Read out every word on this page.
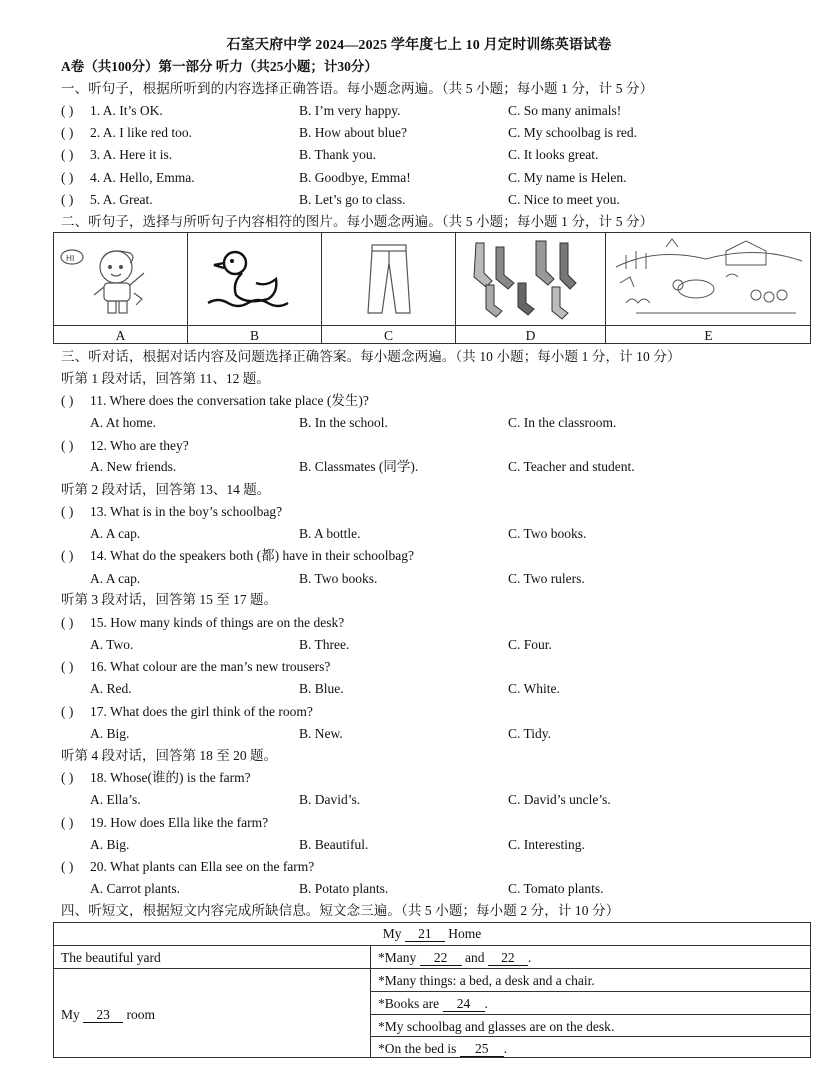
石室天府中学 2024—2025 学年度七上 10 月定时训练英语试卷
A卷（共100分）第一部分 听力（共25小题；计30分）
一、听句子，根据所听到的内容选择正确答语。每小题念两遍。（共 5 小题；每小题 1 分，计 5 分）
( ) 1. A. It’s OK.	B. I’m very happy.	C. So many animals!
( ) 2. A. I like red too.	B. How about blue?	C. My schoolbag is red.
( ) 3. A. Here it is.	B. Thank you.	C. It looks great.
( ) 4. A. Hello, Emma.	B. Goodbye, Emma!	C. My name is Helen.
( ) 5. A. Great.	B. Let’s go to class.	C. Nice to meet you.
二、听句子，选择与所听句子内容相符的图片。每小题念两遍。（共 5 小题；每小题 1 分，计 5 分）
HI
A	B	C	D	E
三、听对话，根据对话内容及问题选择正确答案。每小题念两遍。（共 10 小题；每小题 1 分，计 10 分）
听第 1 段对话，回答第 11、12 题。
( ) 11. Where does the conversation take place (发生)?
A. At home.	B. In the school.	C. In the classroom.
( ) 12. Who are they?
A. New friends.	B. Classmates (同学).	C. Teacher and student.
听第 2 段对话，回答第 13、14 题。
( ) 13. What is in the boy’s schoolbag?
A. A cap.	B. A bottle.	C. Two books.
( ) 14. What do the speakers both (都) have in their schoolbag?
A. A cap.	B. Two books.	C. Two rulers.
听第 3 段对话，回答第 15 至 17 题。
( ) 15. How many kinds of things are on the desk?
A. Two.	B. Three.	C. Four.
( ) 16. What colour are the man’s new trousers?
A. Red.	B. Blue.	C. White.
( ) 17. What does the girl think of the room?
A. Big.	B. New.	C. Tidy.
听第 4 段对话，回答第 18 至 20 题。
( ) 18. Whose(谁的) is the farm?
A. Ella’s.	B. David’s.	C. David’s uncle’s.
( ) 19. How does Ella like the farm?
A. Big.	B. Beautiful.	C. Interesting.
( ) 20. What plants can Ella see on the farm?
A. Carrot plants.	B. Potato plants.	C. Tomato plants.
四、听短文，根据短文内容完成所缺信息。短文念三遍。（共 5 小题；每小题 2 分，计 10 分）
My 21 Home
The beautiful yard	*Many 22 and 22 .
My 23 room
*Many things: a bed, a desk and a chair.
*Books are 24 .
*My schoolbag and glasses are on the desk.
*On the bed is 25 .
